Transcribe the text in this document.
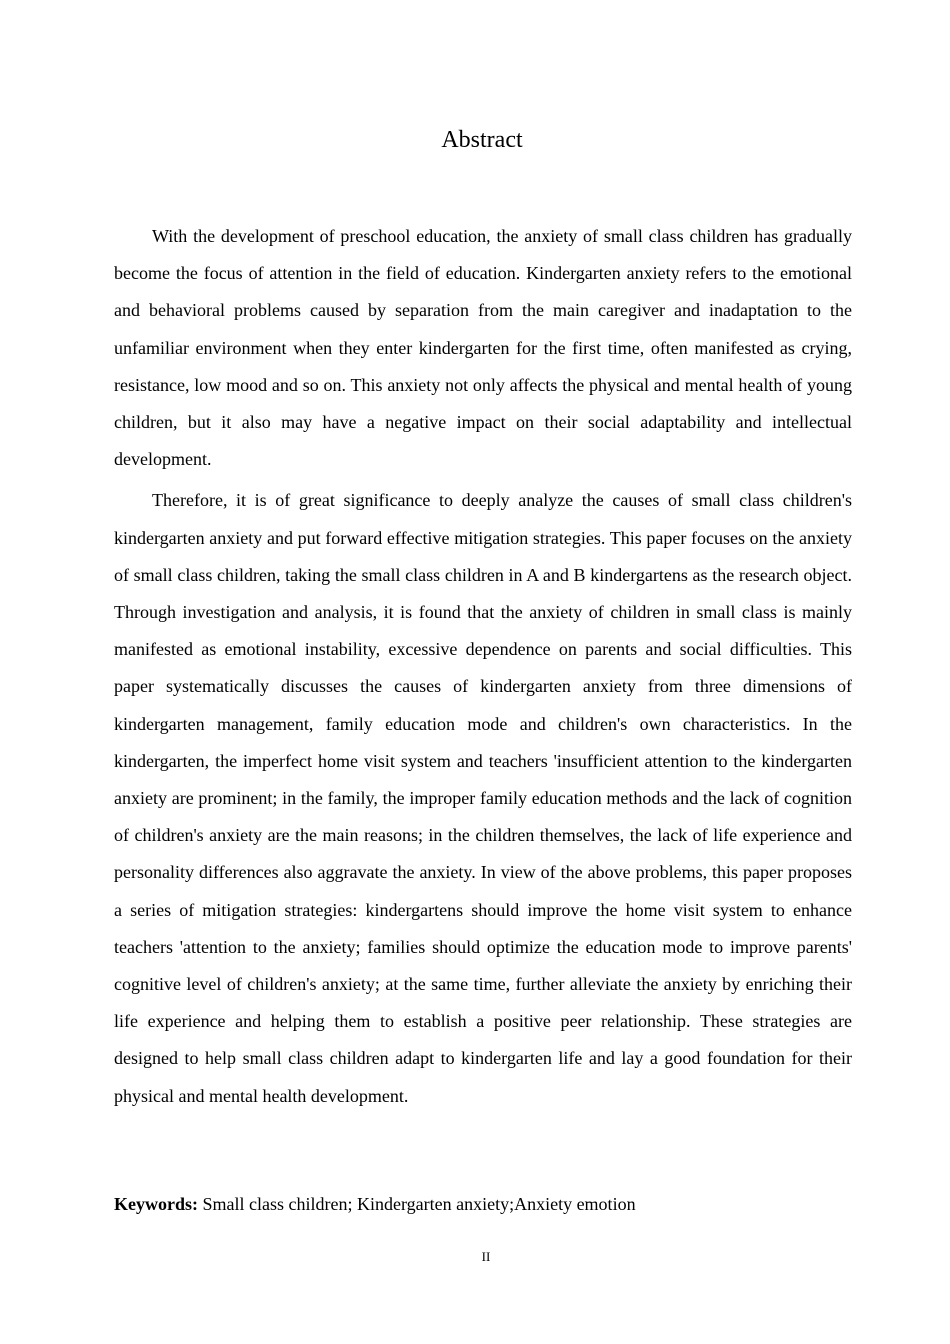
Abstract

With the development of preschool education, the anxiety of small class children has gradually become the focus of attention in the field of education. Kindergarten anxiety refers to the emotional and behavioral problems caused by separation from the main caregiver and inadaptation to the unfamiliar environment when they enter kindergarten for the first time, often manifested as crying, resistance, low mood and so on. This anxiety not only affects the physical and mental health of young children, but it also may have a negative impact on their social adaptability and intellectual development.

Therefore, it is of great significance to deeply analyze the causes of small class children's kindergarten anxiety and put forward effective mitigation strategies. This paper focuses on the anxiety of small class children, taking the small class children in A and B kindergartens as the research object. Through investigation and analysis, it is found that the anxiety of children in small class is mainly manifested as emotional instability, excessive dependence on parents and social difficulties. This paper systematically discusses the causes of kindergarten anxiety from three dimensions of kindergarten management, family education mode and children's own characteristics. In the kindergarten, the imperfect home visit system and teachers 'insufficient attention to the kindergarten anxiety are prominent; in the family, the improper family education methods and the lack of cognition of children's anxiety are the main reasons; in the children themselves, the lack of life experience and personality differences also aggravate the anxiety. In view of the above problems, this paper proposes a series of mitigation strategies: kindergartens should improve the home visit system to enhance teachers 'attention to the anxiety; families should optimize the education mode to improve parents' cognitive level of children's anxiety; at the same time, further alleviate the anxiety by enriching their life experience and helping them to establish a positive peer relationship. These strategies are designed to help small class children adapt to kindergarten life and lay a good foundation for their physical and mental health development.

Keywords: Small class children; Kindergarten anxiety;Anxiety emotion
II
